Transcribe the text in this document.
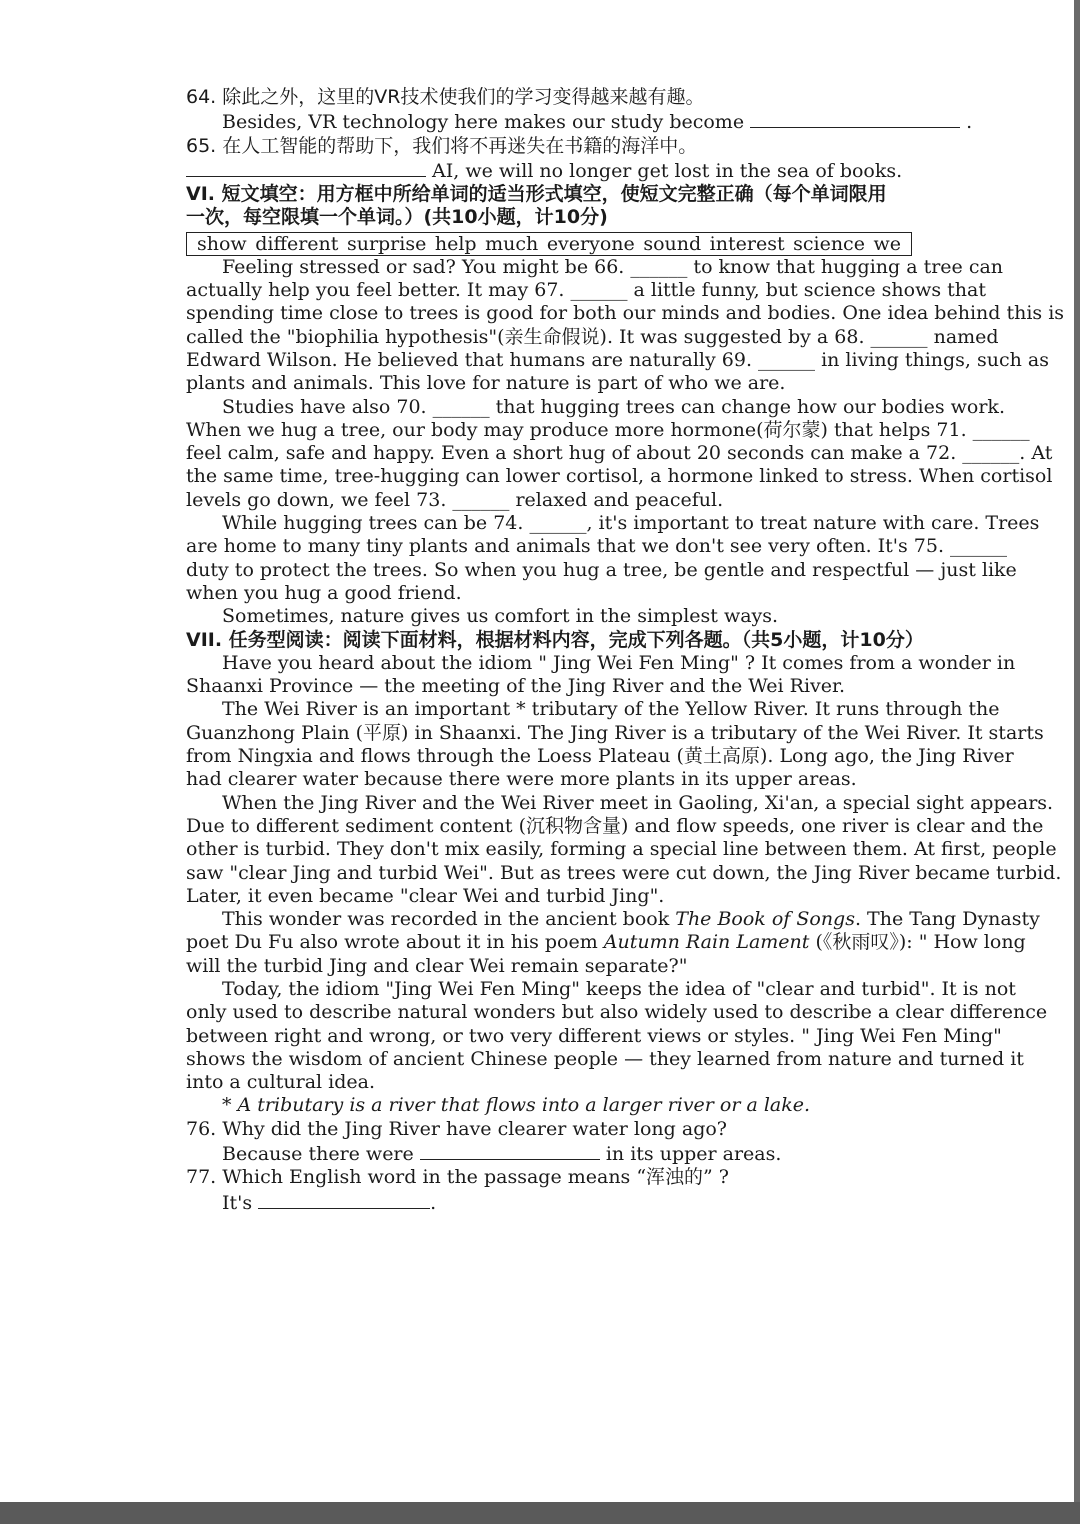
64. 除此之外，这里的VR技术使我们的学习变得越来越有趣。
Besides, VR technology here makes our study become	.
65. 在人工智能的帮助下，我们将不再迷失在书籍的海洋中。
AI, we will no longer get lost in the sea of books.
VI. 短文填空：用方框中所给单词的适当形式填空，使短文完整正确（每个单词限用
一次，每空限填一个单词。）(共10小题，计10分)
show different surprise help much everyone sound interest science we
Feeling stressed or sad? You might be 66. ______ to know that hugging a tree can
actually help you feel better. It may 67. ______ a little funny, but science shows that
spending time close to trees is good for both our minds and bodies. One idea behind this is
called the "biophilia hypothesis"(亲生命假说). It was suggested by a 68. ______ named
Edward Wilson. He believed that humans are naturally 69. ______ in living things, such as
plants and animals. This love for nature is part of who we are.
Studies have also 70. ______ that hugging trees can change how our bodies work.
When we hug a tree, our body may produce more hormone(荷尔蒙) that helps 71. ______
feel calm, safe and happy. Even a short hug of about 20 seconds can make a 72. ______. At
the same time, tree-hugging can lower cortisol, a hormone linked to stress. When cortisol
levels go down, we feel 73. ______ relaxed and peaceful.
While hugging trees can be 74. ______, it's important to treat nature with care. Trees
are home to many tiny plants and animals that we don't see very often. It's 75. ______
duty to protect the trees. So when you hug a tree, be gentle and respectful — just like
when you hug a good friend.
Sometimes, nature gives us comfort in the simplest ways.
VII. 任务型阅读：阅读下面材料，根据材料内容，完成下列各题。（共5小题，计10分）
Have you heard about the idiom " Jing Wei Fen Ming" ? It comes from a wonder in
Shaanxi Province — the meeting of the Jing River and the Wei River.
The Wei River is an important * tributary of the Yellow River. It runs through the
Guanzhong Plain (平原) in Shaanxi. The Jing River is a tributary of the Wei River. It starts
from Ningxia and flows through the Loess Plateau (黄土高原). Long ago, the Jing River
had clearer water because there were more plants in its upper areas.
When the Jing River and the Wei River meet in Gaoling, Xi'an, a special sight appears.
Due to different sediment content (沉积物含量) and flow speeds, one river is clear and the
other is turbid. They don't mix easily, forming a special line between them. At first, people
saw "clear Jing and turbid Wei". But as trees were cut down, the Jing River became turbid.
Later, it even became "clear Wei and turbid Jing".
This wonder was recorded in the ancient book The Book of Songs. The Tang Dynasty
poet Du Fu also wrote about it in his poem Autumn Rain Lament (《秋雨叹》): " How long
will the turbid Jing and clear Wei remain separate?"
Today, the idiom "Jing Wei Fen Ming" keeps the idea of "clear and turbid". It is not
only used to describe natural wonders but also widely used to describe a clear difference
between right and wrong, or two very different views or styles. " Jing Wei Fen Ming"
shows the wisdom of ancient Chinese people — they learned from nature and turned it
into a cultural idea.
* A tributary is a river that flows into a larger river or a lake.
76. Why did the Jing River have clearer water long ago?
Because there were	in its upper areas.
77. Which English word in the passage means “浑浊的” ?
It's	.
